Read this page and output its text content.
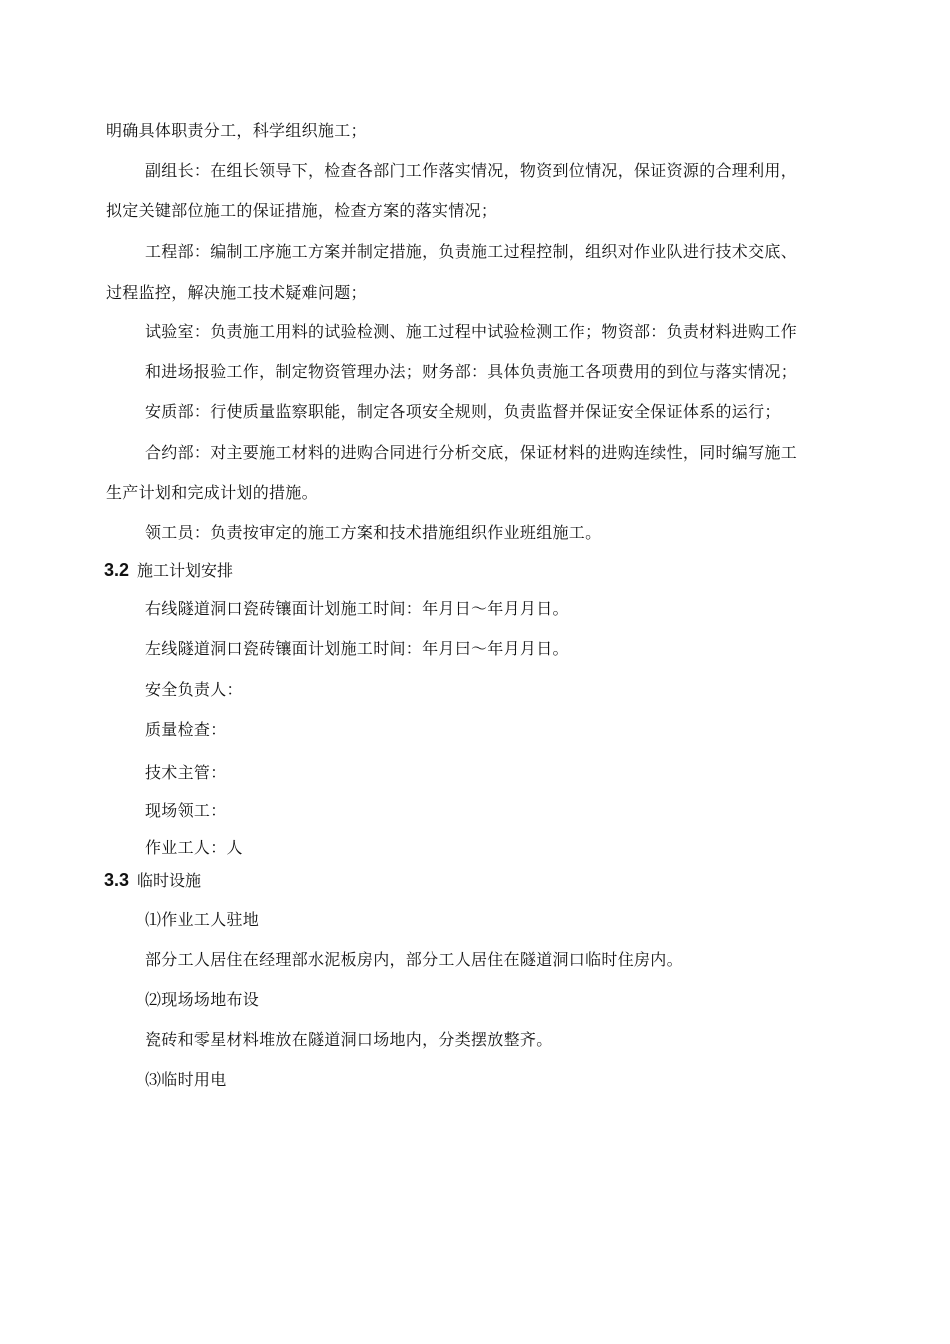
明确具体职责分工，科学组织施工；
副组长：在组长领导下，检查各部门工作落实情况，物资到位情况，保证资源的合理利用，
拟定关键部位施工的保证措施，检查方案的落实情况；
工程部：编制工序施工方案并制定措施，负责施工过程控制，组织对作业队进行技术交底、
过程监控，解决施工技术疑难问题；
试验室：负责施工用料的试验检测、施工过程中试验检测工作；物资部：负责材料进购工作
和进场报验工作，制定物资管理办法；财务部：具体负责施工各项费用的到位与落实情况；
安质部：行使质量监察职能，制定各项安全规则，负责监督并保证安全保证体系的运行；
合约部：对主要施工材料的进购合同进行分析交底，保证材料的进购连续性，同时编写施工
生产计划和完成计划的措施。
领工员：负责按审定的施工方案和技术措施组织作业班组施工。
3.2 施工计划安排
右线隧道洞口瓷砖镶面计划施工时间：年月日～年月月日。
左线隧道洞口瓷砖镶面计划施工时间：年月曰～年月月日。
安全负责人：
质量检查：
技术主管：
现场领工：
作业工人：人
3.3 临时设施
⑴作业工人驻地
部分工人居住在经理部水泥板房内，部分工人居住在隧道洞口临时住房内。
⑵现场场地布设
瓷砖和零星材料堆放在隧道洞口场地内，分类摆放整齐。
⑶临时用电
